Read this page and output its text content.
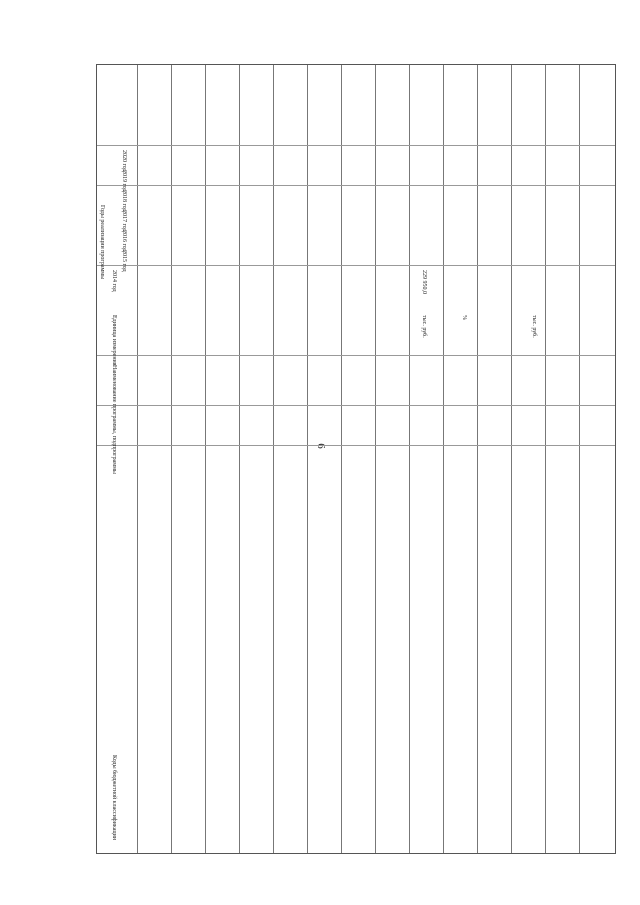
6
Коды бюджетной классификации
Наименование программы, подпрограммы
Единица измерения
2014 год
Годы реализации программы	2015 год
2016 год
2017 год
2018 год
2019 год
2020 год
тыс. руб.
229 950,0
%	тыс. руб.
